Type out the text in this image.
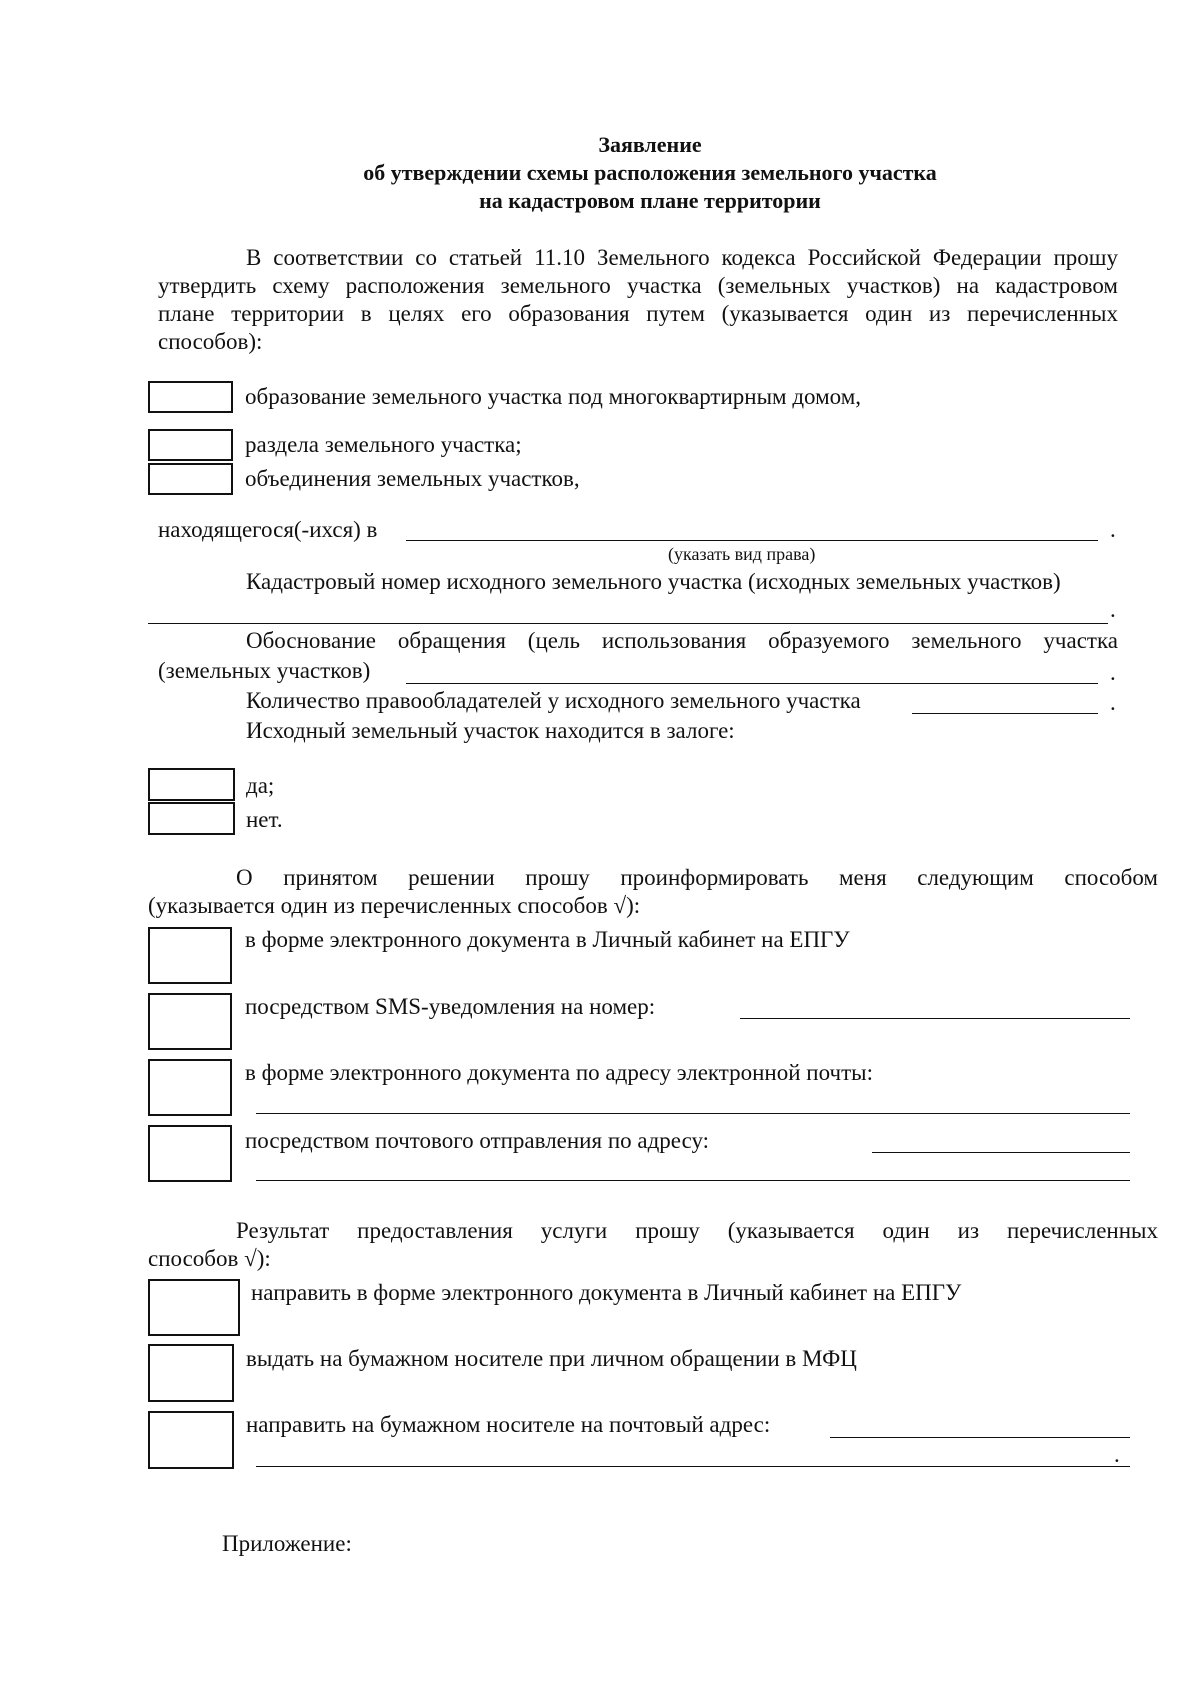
Заявление
об утверждении схемы расположения земельного участка
на кадастровом плане территории
В соответствии со статьей 11.10 Земельного кодекса Российской Федерации прошу
утвердить схему расположения земельного участка (земельных участков) на кадастровом
плане территории в целях его образования путем (указывается один из перечисленных
способов):
образование земельного участка под многоквартирным домом,
раздела земельного участка;
объединения земельных участков,
находящегося(-ихся) в	.
(указать вид права)
Кадастровый номер исходного земельного участка (исходных земельных участков)
.
Обоснование обращения (цель использования образуемого земельного участка
(земельных участков)	.
Количество правообладателей у исходного земельного участка	.
Исходный земельный участок находится в залоге:
да;
нет.
О принятом решении прошу проинформировать меня следующим способом
(указывается один из перечисленных способов √):
в форме электронного документа в Личный кабинет на ЕПГУ
посредством SMS-уведомления на номер:
в форме электронного документа по адресу электронной почты:
посредством почтового отправления по адресу:
Результат предоставления услуги прошу (указывается один из перечисленных
способов √):
направить в форме электронного документа в Личный кабинет на ЕПГУ
выдать на бумажном носителе при личном обращении в МФЦ
направить на бумажном носителе на почтовый адрес:
.
Приложение:
